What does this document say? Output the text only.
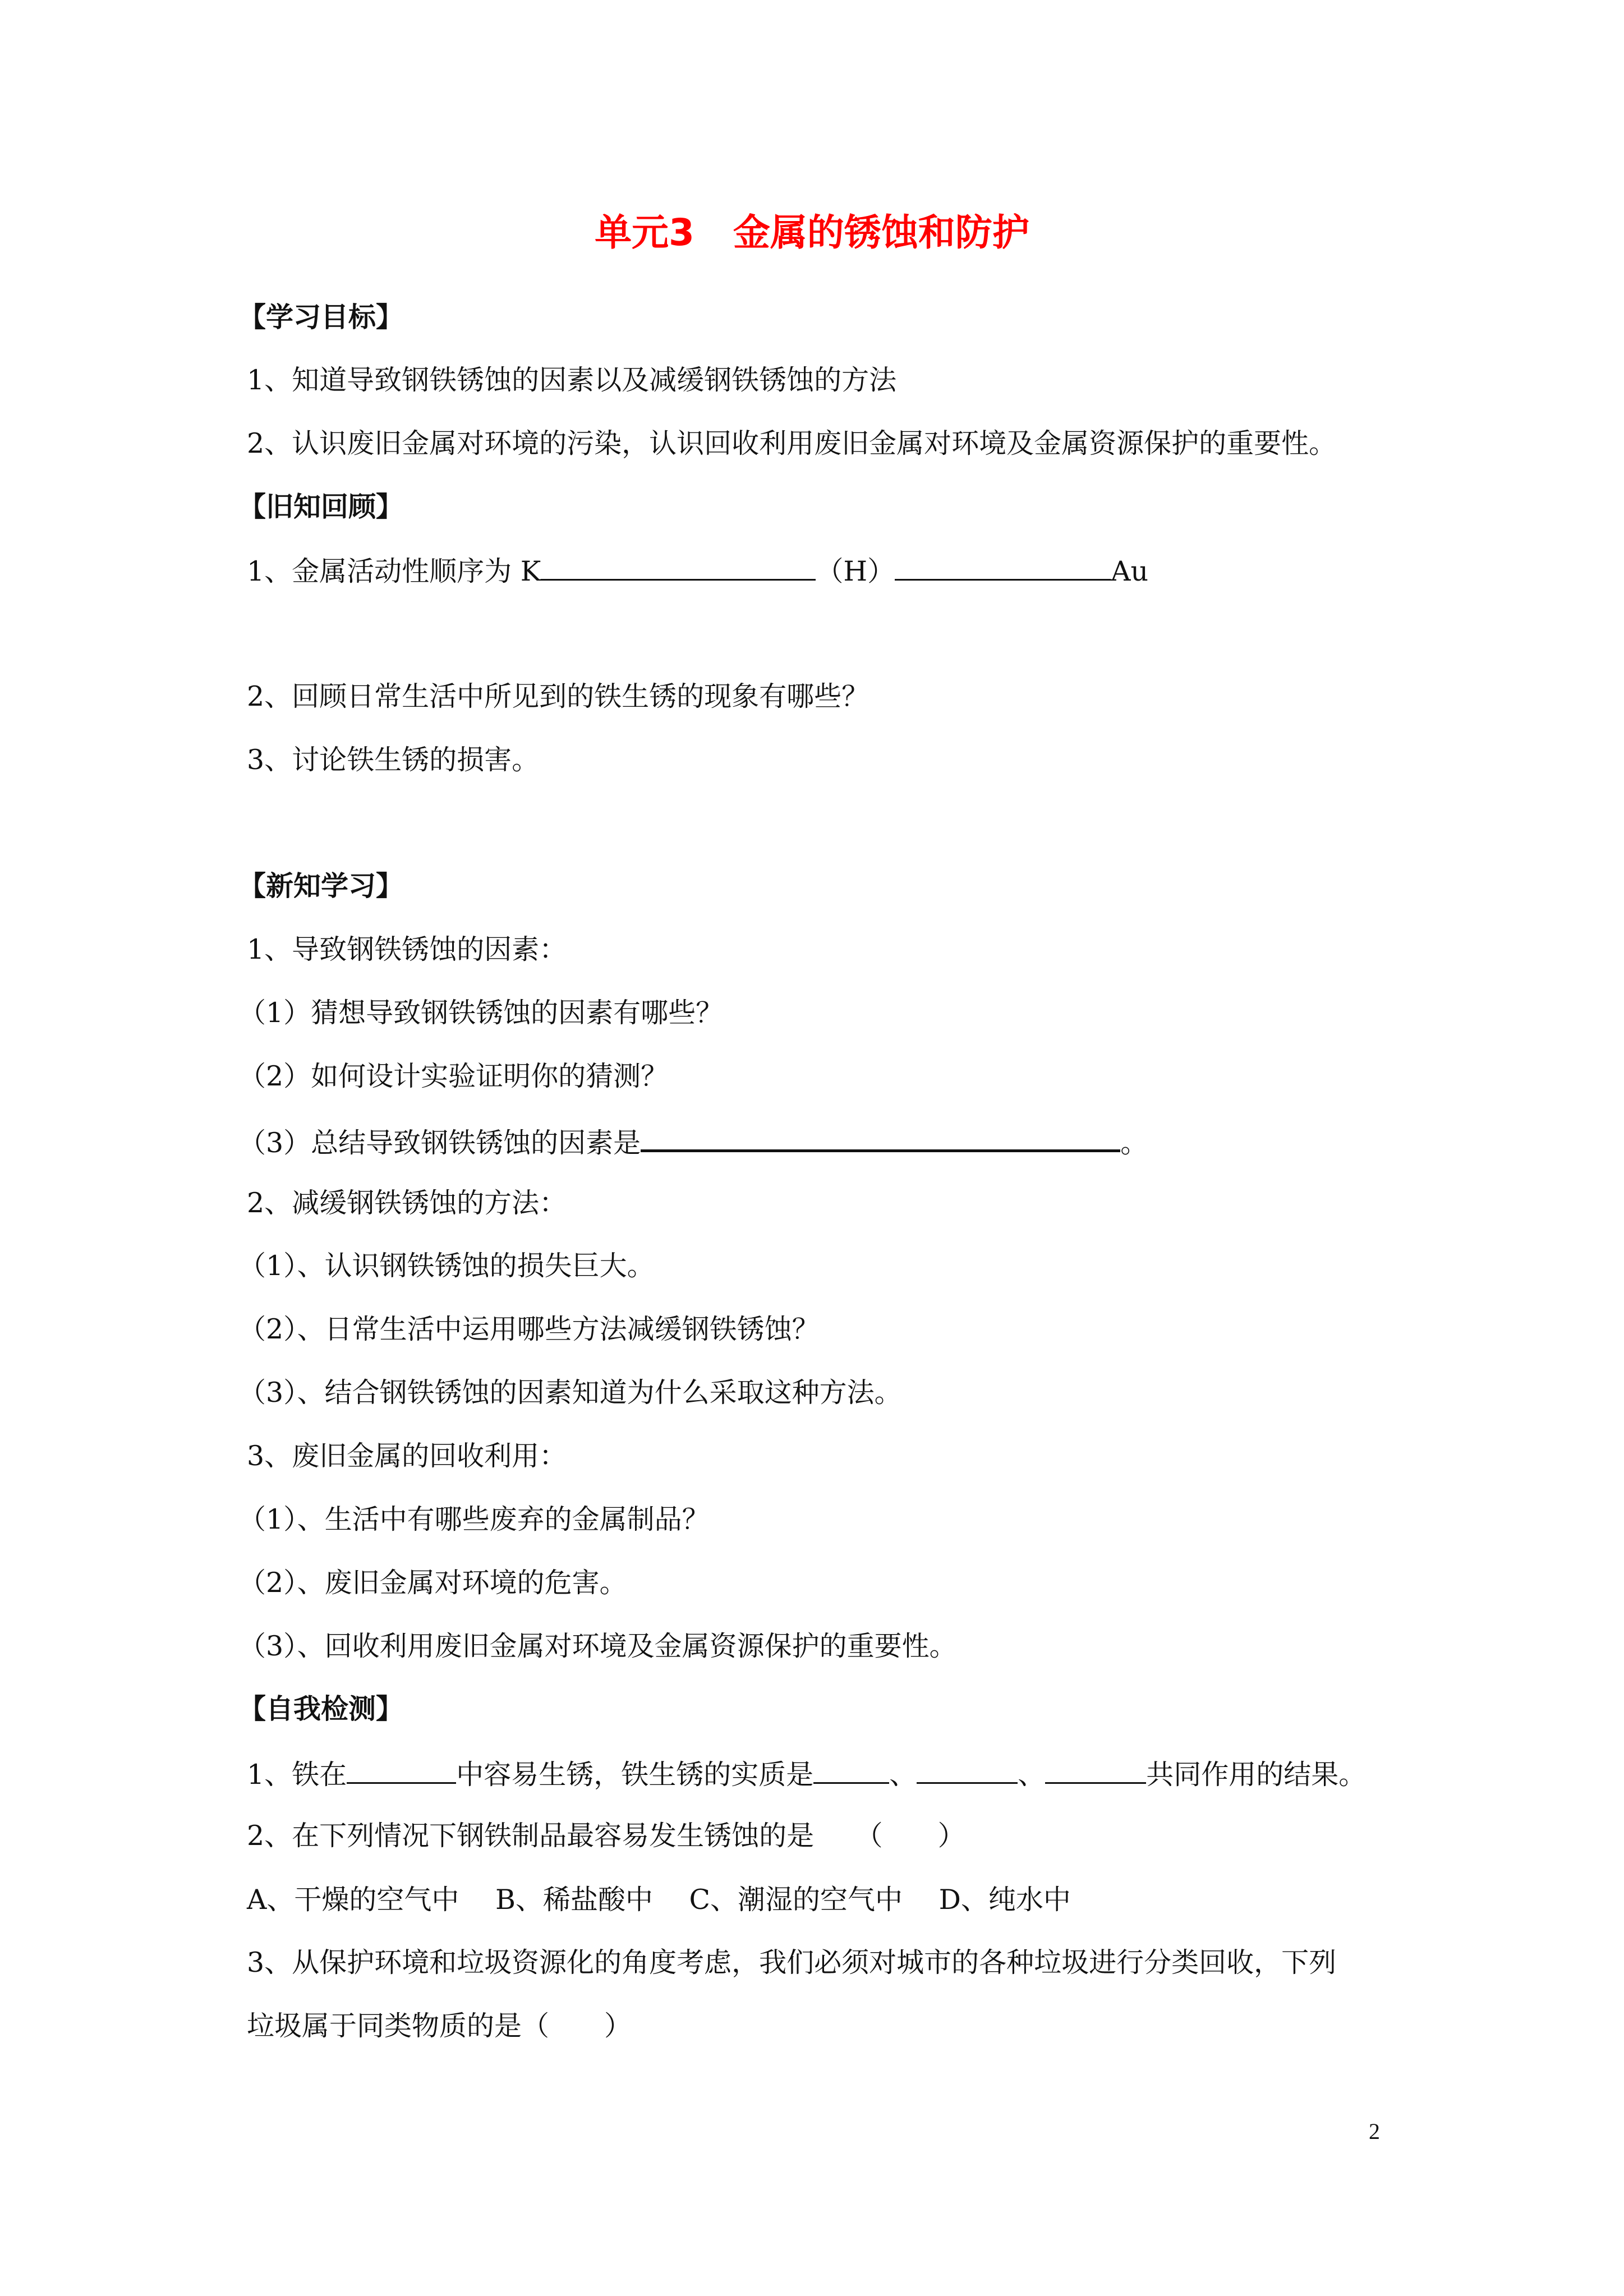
单元3   金属的锈蚀和防护
【学习目标】
1、知道导致钢铁锈蚀的因素以及减缓钢铁锈蚀的方法
2、认识废旧金属对环境的污染，认识回收利用废旧金属对环境及金属资源保护的重要性。
【旧知回顾】
1、金属活动性顺序为 K	（H）	Au
2、回顾日常生活中所见到的铁生锈的现象有哪些？
3、讨论铁生锈的损害。
【新知学习】
1、导致钢铁锈蚀的因素：
（1）猜想导致钢铁锈蚀的因素有哪些？
（2）如何设计实验证明你的猜测？
（3）总结导致钢铁锈蚀的因素是	。
2、减缓钢铁锈蚀的方法：
（1）、认识钢铁锈蚀的损失巨大。
（2）、日常生活中运用哪些方法减缓钢铁锈蚀？
（3）、结合钢铁锈蚀的因素知道为什么采取这种方法。
3、废旧金属的回收利用：
（1）、生活中有哪些废弃的金属制品？
（2）、废旧金属对环境的危害。
（3）、回收利用废旧金属对环境及金属资源保护的重要性。
【自我检测】
1、铁在	中容易生锈，铁生锈的实质是	、	、	共同作用的结果。
2、在下列情况下钢铁制品最容易发生锈蚀的是　　（　　）
A、干燥的空气中　 B、稀盐酸中　 C、潮湿的空气中　 D、纯水中
3、从保护环境和垃圾资源化的角度考虑，我们必须对城市的各种垃圾进行分类回收，下列
垃圾属于同类物质的是（　　）
2
